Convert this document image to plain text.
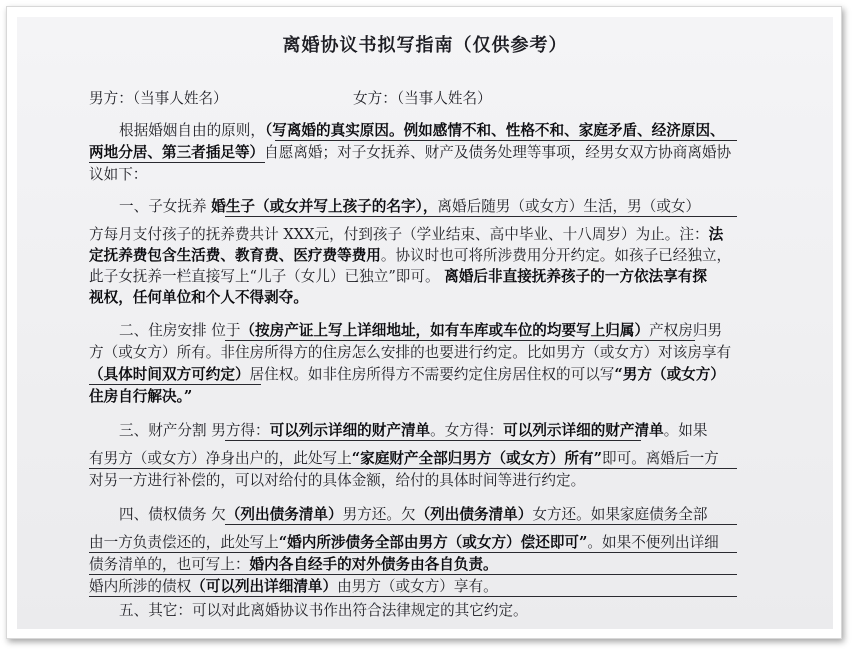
离婚协议书拟写指南（仅供参考）
男方：（当事人姓名）	女方：（当事人姓名）
根据婚姻自由的原则，（写离婚的真实原因。例如感情不和、性格不和、家庭矛盾、经济原因、
两地分居、第三者插足等）自愿离婚；对子女抚养、财产及债务处理等事项，经男女双方协商离婚协
议如下：
一、子女抚养 婚生子（或女并写上孩子的名字），离婚后随男（或女方）生活，男（或女）
方每月支付孩子的抚养费共计 XXX元，付到孩子（学业结束、高中毕业、十八周岁）为止。注：法
定抚养费包含生活费、教育费、医疗费等费用。协议时也可将所涉费用分开约定。如孩子已经独立，
此子女抚养一栏直接写上“儿子（女儿）已独立”即可。 离婚后非直接抚养孩子的一方依法享有探
视权，任何单位和个人不得剥夺。
二、住房安排 位于（按房产证上写上详细地址，如有车库或车位的均要写上归属）产权房归男
方（或女方）所有。非住房所得方的住房怎么安排的也要进行约定。比如男方（或女方）对该房享有
（具体时间双方可约定）居住权。如非住房所得方不需要约定住房居住权的可以写“男方（或女方）
住房自行解决。”
三、财产分割 男方得：可以列示详细的财产清单。女方得：可以列示详细的财产清单。如果
有男方（或女方）净身出户的，此处写上“家庭财产全部归男方（或女方）所有”即可。离婚后一方
对另一方进行补偿的，可以对给付的具体金额，给付的具体时间等进行约定。
四、债权债务 欠（列出债务清单）男方还。欠（列出债务清单）女方还。如果家庭债务全部
由一方负责偿还的，此处写上“婚内所涉债务全部由男方（或女方）偿还即可”。如果不便列出详细
债务清单的，也可写上：婚内各自经手的对外债务由各自负责。
婚内所涉的债权（可以列出详细清单）由男方（或女方）享有。
五、其它：可以对此离婚协议书作出符合法律规定的其它约定。
